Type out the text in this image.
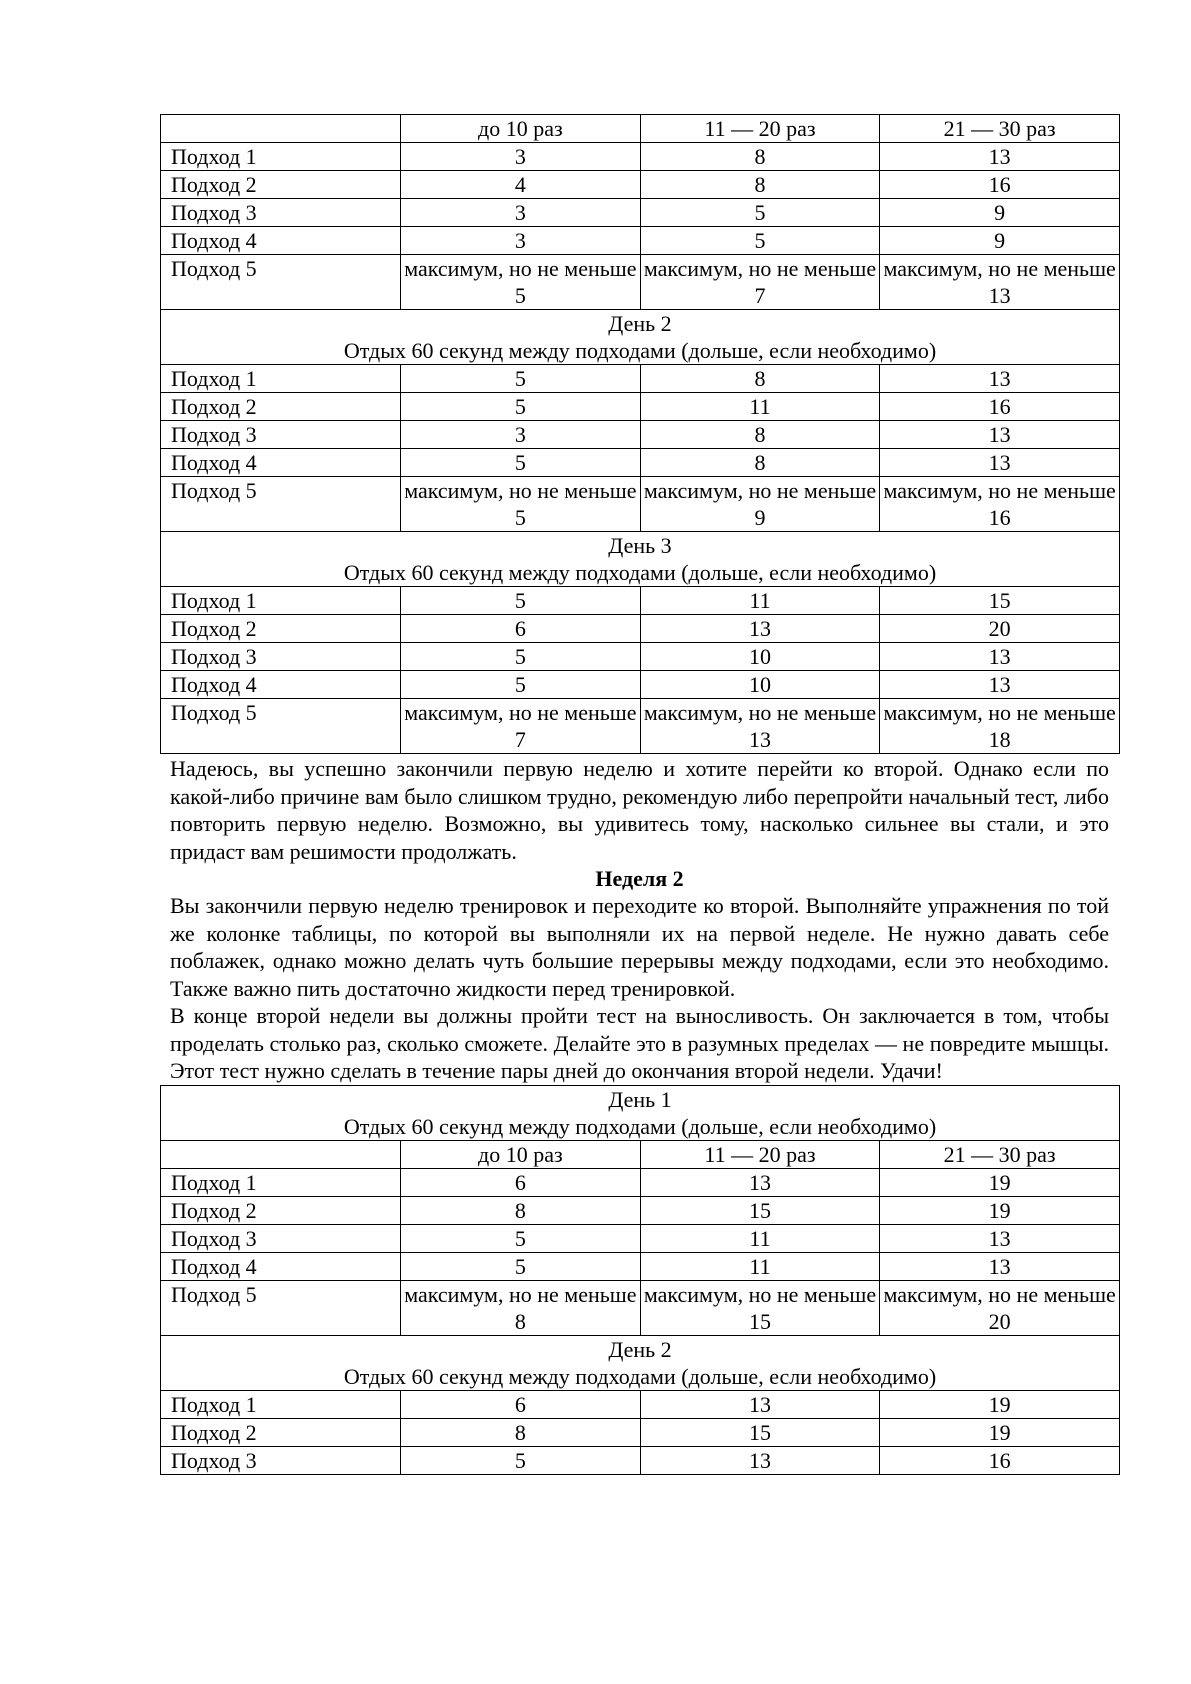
	до 10 раз	11 — 20 раз	21 — 30 раз
Подход 1	3	8	13
Подход 2	4	8	16
Подход 3	3	5	9
Подход 4	3	5	9
Подход 5	максимум, но не меньше 5	максимум, но не меньше 7	максимум, но не меньше 13

День 2
Отдых 60 секунд между подходами (дольше, если необходимо)			

Подход 1	5	8	13
Подход 2	5	11	16
Подход 3	3	8	13
Подход 4	5	8	13
Подход 5	максимум, но не меньше 5	максимум, но не меньше 9	максимум, но не меньше 16

День 3
Отдых 60 секунд между подходами (дольше, если необходимо)			

Подход 1	5	11	15
Подход 2	6	13	20
Подход 3	5	10	13
Подход 4	5	10	13
Подход 5	максимум, но не меньше 7	максимум, но не меньше 13	максимум, но не меньше 18

Надеюсь, вы успешно закончили первую неделю и хотите перейти ко второй. Однако если по какой-либо причине вам было слишком трудно, рекомендую либо перепройти начальный тест, либо повторить первую неделю. Возможно, вы удивитесь тому, насколько сильнее вы стали, и это придаст вам решимости продолжать.

Неделя 2

Вы закончили первую неделю тренировок и переходите ко второй. Выполняйте упражнения по той же колонке таблицы, по которой вы выполняли их на первой неделе. Не нужно давать себе поблажек, однако можно делать чуть большие перерывы между подходами, если это необходимо. Также важно пить достаточно жидкости перед тренировкой.

В конце второй недели вы должны пройти тест на выносливость. Он заключается в том, чтобы проделать столько раз, сколько сможете. Делайте это в разумных пределах — не повредите мышцы. Этот тест нужно сделать в течение пары дней до окончания второй недели. Удачи!

День 1
Отдых 60 секунд между подходами (дольше, если необходимо)			

	до 10 раз	11 — 20 раз	21 — 30 раз
Подход 1	6	13	19
Подход 2	8	15	19
Подход 3	5	11	13
Подход 4	5	11	13
Подход 5	максимум, но не меньше 8	максимум, но не меньше 15	максимум, но не меньше 20

День 2
Отдых 60 секунд между подходами (дольше, если необходимо)			

Подход 1	6	13	19
Подход 2	8	15	19
Подход 3	5	13	16
